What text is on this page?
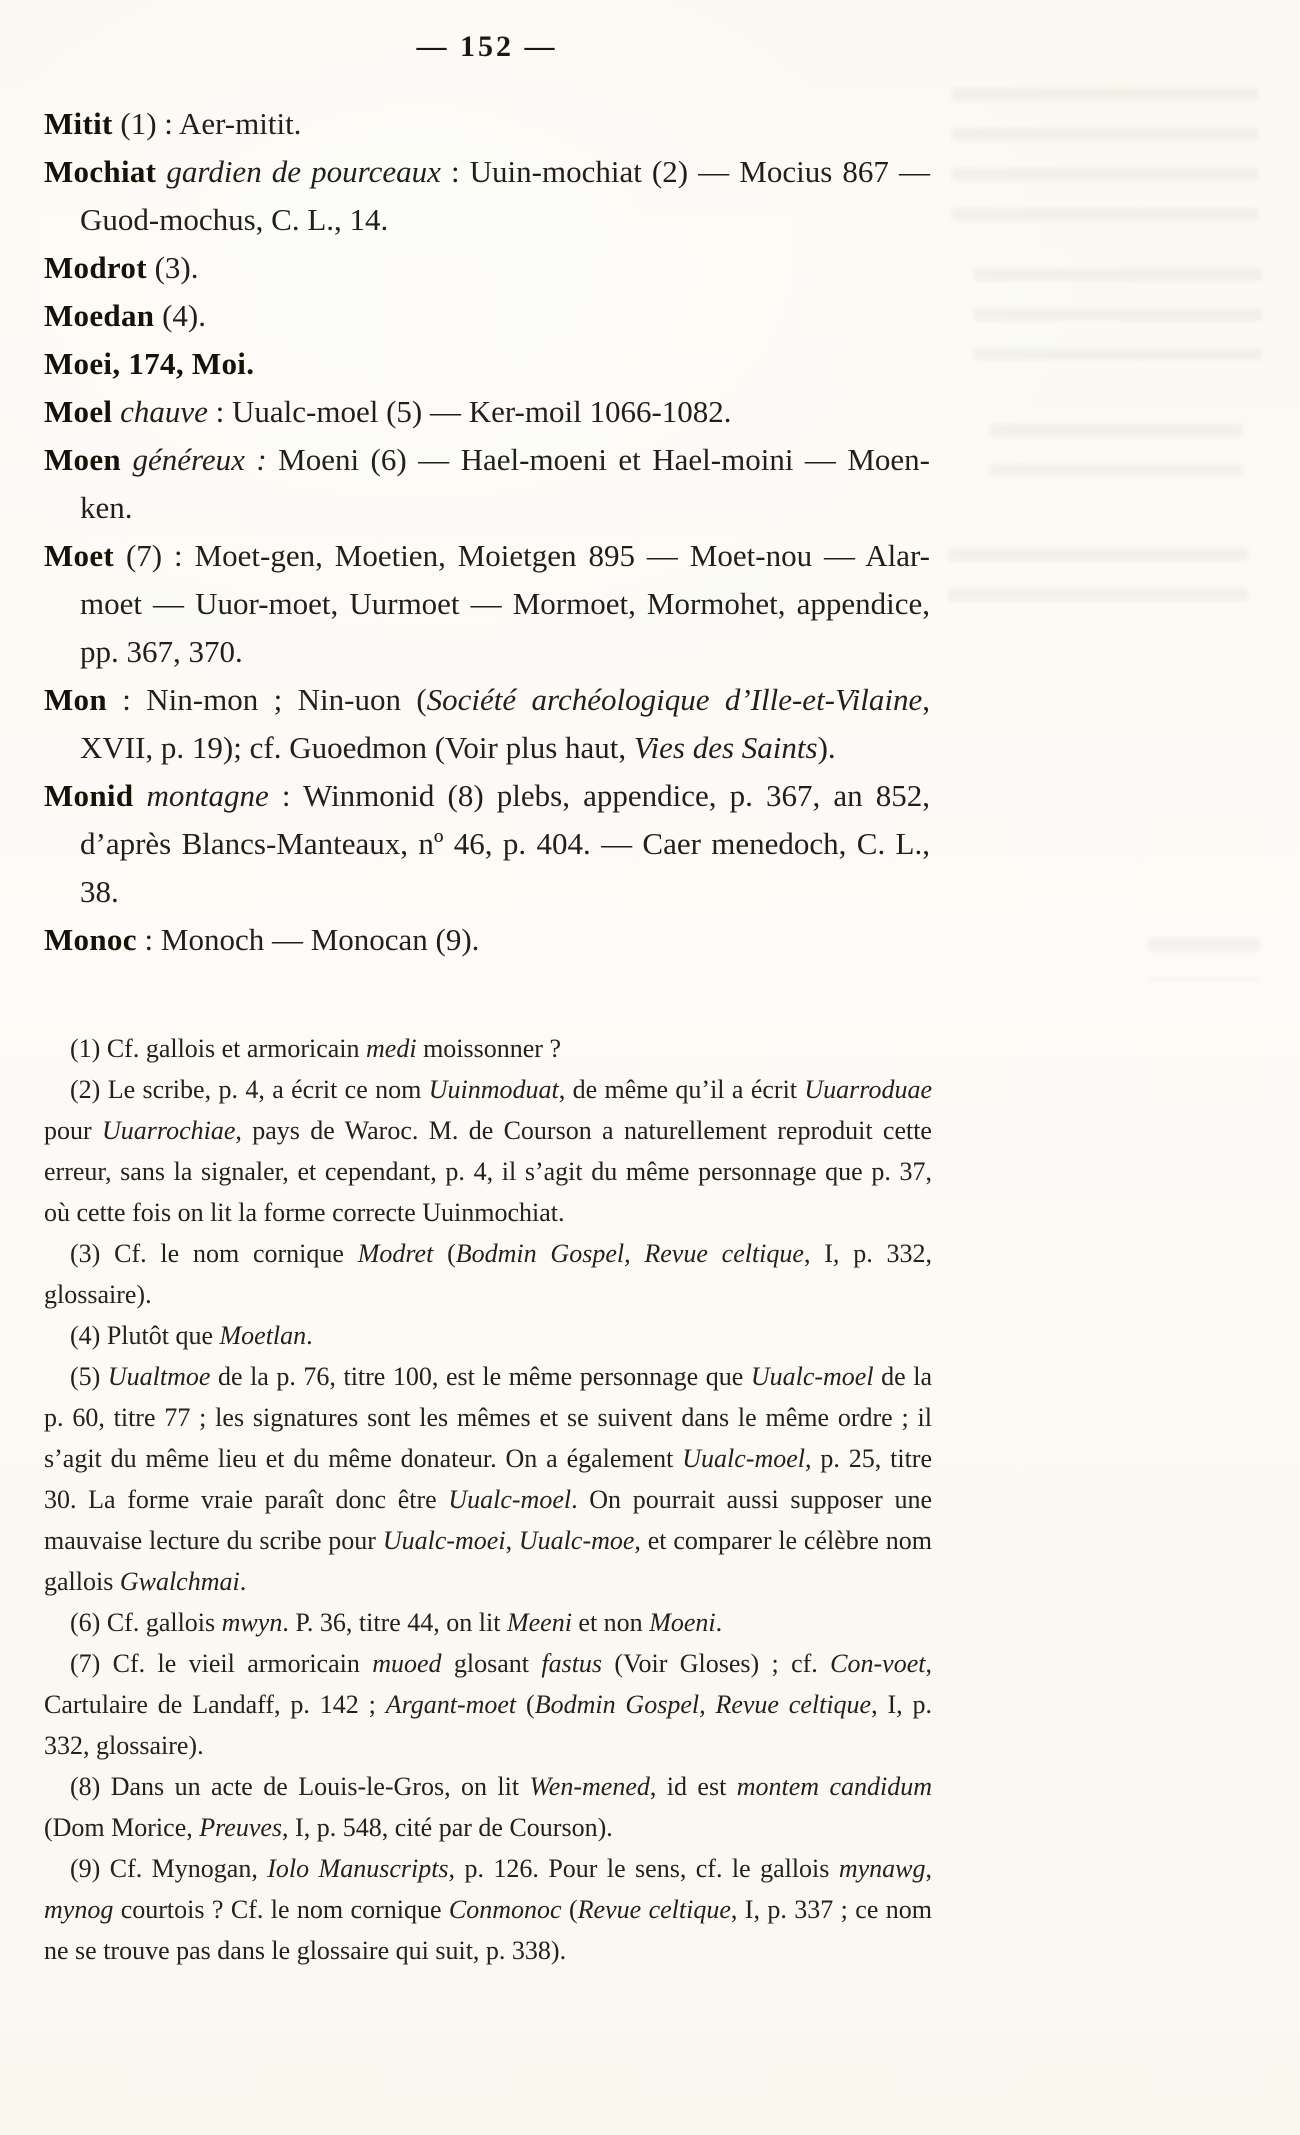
— 152 —

Mitit (1) : Aer-mitit.

Mochiat gardien de pourceaux : Uuin-mochiat (2) — Mocius 867 — Guod-mochus, C. L., 14.

Modrot (3).

Moedan (4).

Moei, 174, Moi.

Moel chauve : Uualc-moel (5) — Ker-moil 1066-1082.

Moen généreux : Moeni (6) — Hael-moeni et Hael-moini — Moen-ken.

Moet (7) : Moet-gen, Moetien, Moietgen 895 — Moet-nou — Alar-moet — Uuor-moet, Uurmoet — Mormoet, Mormohet, appendice, pp. 367, 370.

Mon : Nin-mon ; Nin-uon (Société archéologique d’Ille-et-Vilaine, XVII, p. 19); cf. Guoedmon (Voir plus haut, Vies des Saints).

Monid montagne : Winmonid (8) plebs, appendice, p. 367, an 852, d’après Blancs-Manteaux, nº 46, p. 404. — Caer menedoch, C. L., 38.

Monoc : Monoch — Monocan (9).

(1) Cf. gallois et armoricain medi moissonner ?

(2) Le scribe, p. 4, a écrit ce nom Uuinmoduat, de même qu’il a écrit Uuarroduae pour Uuarrochiae, pays de Waroc. M. de Courson a naturellement reproduit cette erreur, sans la signaler, et cependant, p. 4, il s’agit du même personnage que p. 37, où cette fois on lit la forme correcte Uuinmochiat.

(3) Cf. le nom cornique Modret (Bodmin Gospel, Revue celtique, I, p. 332, glossaire).

(4) Plutôt que Moetlan.

(5) Uualtmoe de la p. 76, titre 100, est le même personnage que Uualc-moel de la p. 60, titre 77 ; les signatures sont les mêmes et se suivent dans le même ordre ; il s’agit du même lieu et du même donateur. On a également Uualc-moel, p. 25, titre 30. La forme vraie paraît donc être Uualc-moel. On pourrait aussi supposer une mauvaise lecture du scribe pour Uualc-moei, Uualc-moe, et comparer le célèbre nom gallois Gwalchmai.

(6) Cf. gallois mwyn. P. 36, titre 44, on lit Meeni et non Moeni.

(7) Cf. le vieil armoricain muoed glosant fastus (Voir Gloses) ; cf. Con-voet, Cartulaire de Landaff, p. 142 ; Argant-moet (Bodmin Gospel, Revue celtique, I, p. 332, glossaire).

(8) Dans un acte de Louis-le-Gros, on lit Wen-mened, id est montem candidum (Dom Morice, Preuves, I, p. 548, cité par de Courson).

(9) Cf. Mynogan, Iolo Manuscripts, p. 126. Pour le sens, cf. le gallois mynawg, mynog courtois ? Cf. le nom cornique Conmonoc (Revue celtique, I, p. 337 ; ce nom ne se trouve pas dans le glossaire qui suit, p. 338).
